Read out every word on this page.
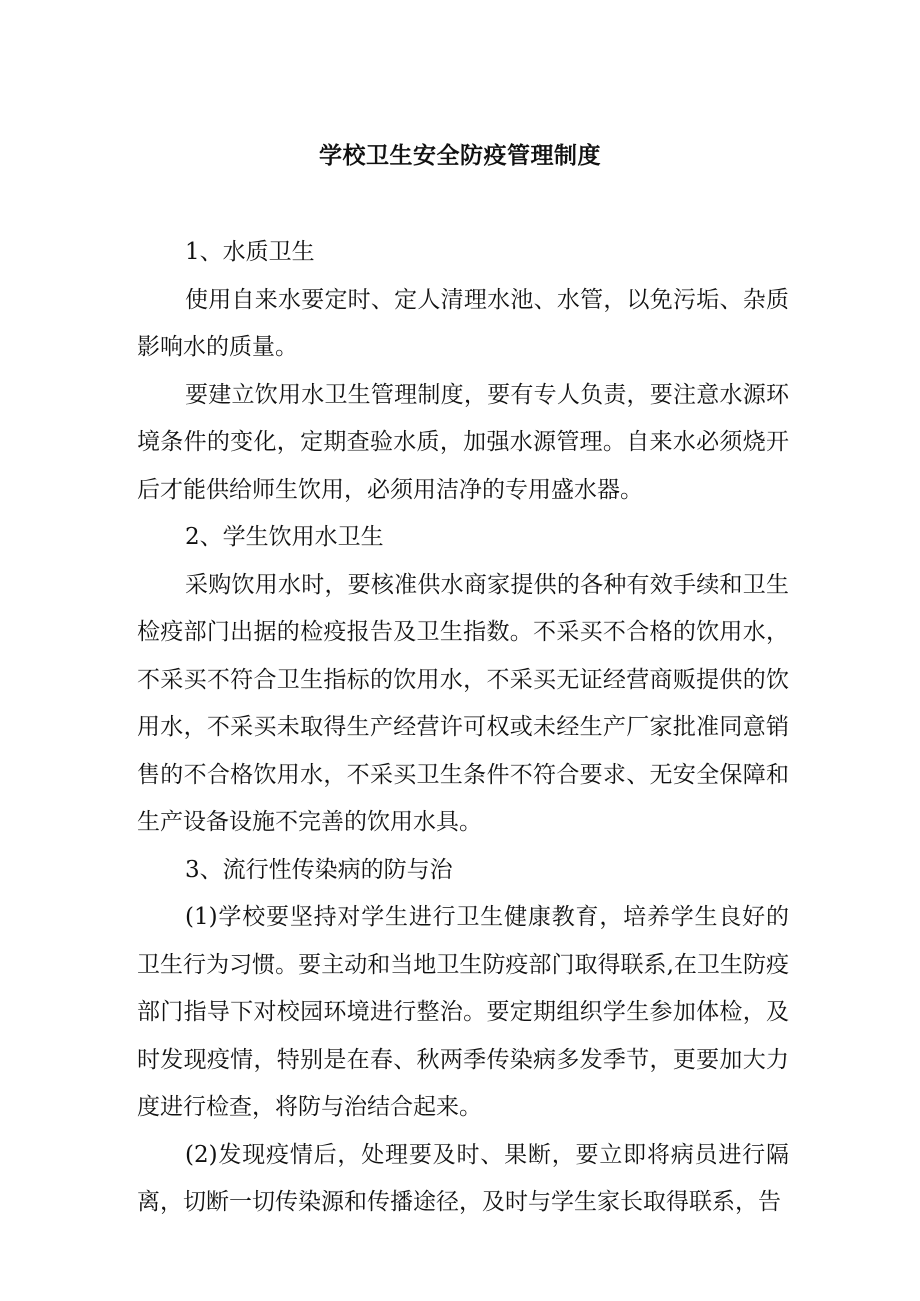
学校卫生安全防疫管理制度

1、水质卫生

使用自来水要定时、定人清理水池、水管，以免污垢、杂质影响水的质量。

要建立饮用水卫生管理制度，要有专人负责，要注意水源环境条件的变化，定期查验水质，加强水源管理。自来水必须烧开后才能供给师生饮用，必须用洁净的专用盛水器。

2、学生饮用水卫生

采购饮用水时，要核准供水商家提供的各种有效手续和卫生检疫部门出据的检疫报告及卫生指数。不采买不合格的饮用水，不采买不符合卫生指标的饮用水，不采买无证经营商贩提供的饮用水，不采买未取得生产经营许可权或未经生产厂家批准同意销售的不合格饮用水，不采买卫生条件不符合要求、无安全保障和生产设备设施不完善的饮用水具。

3、流行性传染病的防与治

(1)学校要坚持对学生进行卫生健康教育，培养学生良好的卫生行为习惯。要主动和当地卫生防疫部门取得联系,在卫生防疫部门指导下对校园环境进行整治。要定期组织学生参加体检，及时发现疫情，特别是在春、秋两季传染病多发季节，更要加大力度进行检查，将防与治结合起来。

(2)发现疫情后，处理要及时、果断，要立即将病员进行隔离，切断一切传染源和传播途径，及时与学生家长取得联系，告
